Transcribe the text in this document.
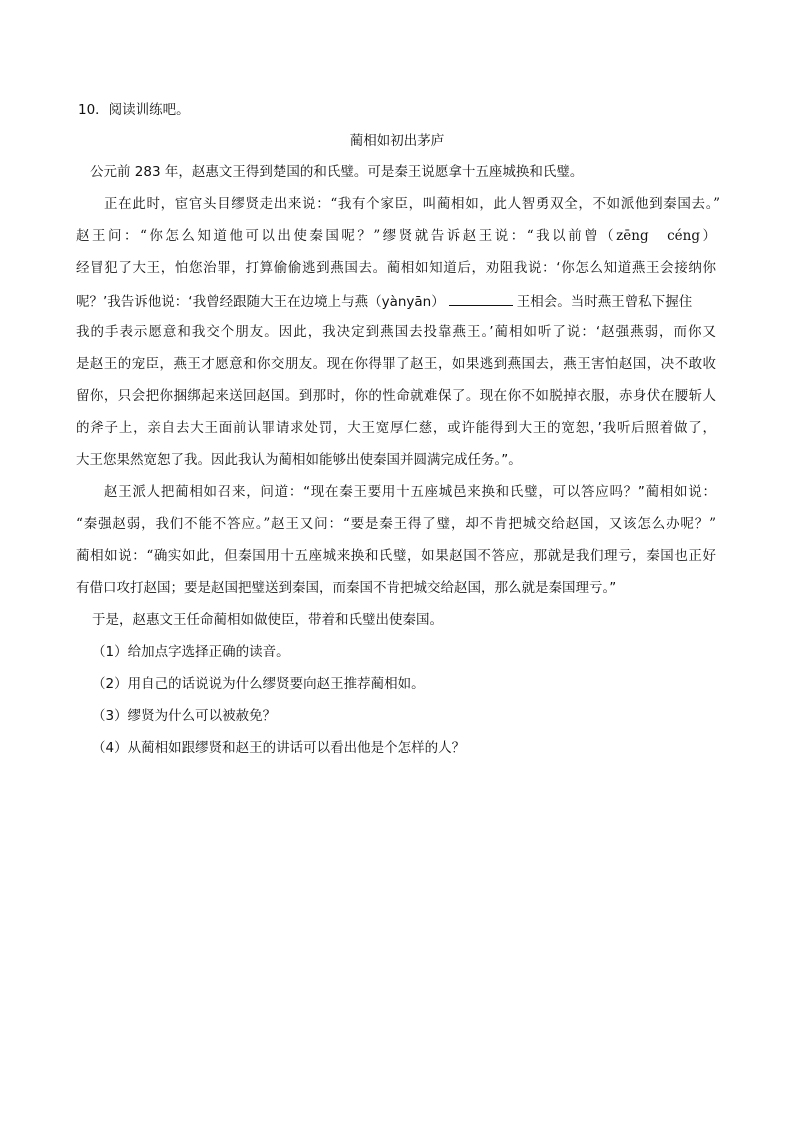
10．阅读训练吧。
蔺相如初出茅庐
公元前 283 年，赵惠文王得到楚国的和氏璧。可是秦王说愿拿十五座城换和氏璧。
正在此时，宦官头目缪贤走出来说：“我有个家臣，叫蔺相如，此人智勇双全，不如派他到秦国去。”
赵王问：“你怎么知道他可以出使秦国呢？”缪贤就告诉赵王说：“我以前曾（zēng　céng）
经冒犯了大王，怕您治罪，打算偷偷逃到燕国去。蔺相如知道后，劝阻我说：‘你怎么知道燕王会接纳你
呢？’我告诉他说：‘我曾经跟随大王在边境上与燕（yànyān）	王相会。当时燕王曾私下握住
我的手表示愿意和我交个朋友。因此，我决定到燕国去投靠燕王。’蔺相如听了说：‘赵强燕弱，而你又
是赵王的宠臣，燕王才愿意和你交朋友。现在你得罪了赵王，如果逃到燕国去，燕王害怕赵国，决不敢收
留你，只会把你捆绑起来送回赵国。到那时，你的性命就难保了。现在你不如脱掉衣服，赤身伏在腰斩人
的斧子上，亲自去大王面前认罪请求处罚，大王宽厚仁慈，或许能得到大王的宽恕，’我听后照着做了，
大王您果然宽恕了我。因此我认为蔺相如能够出使秦国并圆满完成任务。”。
赵王派人把蔺相如召来，问道：“现在秦王要用十五座城邑来换和氏璧，可以答应吗？”蔺相如说：
“秦强赵弱，我们不能不答应。”赵王又问：“要是秦王得了璧，却不肯把城交给赵国，又该怎么办呢？”
蔺相如说：“确实如此，但秦国用十五座城来换和氏璧，如果赵国不答应，那就是我们理亏，秦国也正好
有借口攻打赵国；要是赵国把璧送到秦国，而秦国不肯把城交给赵国，那么就是秦国理亏。”
于是，赵惠文王任命蔺相如做使臣，带着和氏璧出使秦国。
（1）给加点字选择正确的读音。
（2）用自己的话说说为什么缪贤要向赵王推荐蔺相如。
（3）缪贤为什么可以被赦免？
（4）从蔺相如跟缪贤和赵王的讲话可以看出他是个怎样的人？
